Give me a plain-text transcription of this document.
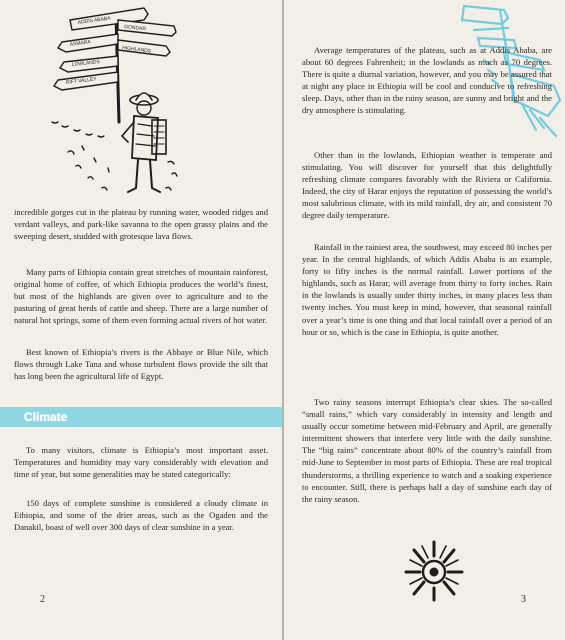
ADDIS ABABA
GONDAR
ASMARA
HIGHLANDS
LOWLANDS
RIFT VALLEY

incredible gorges cut in the plateau by running water, wooded ridges and verdant valleys, and park-like savanna to the open grassy plains and the sweeping desert, studded with grotesque lava flows.

Many parts of Ethiopia contain great stretches of mountain rainforest, original home of coffee, of which Ethiopia produces the world’s finest, but most of the highlands are given over to agriculture and to the pasturing of great herds of cattle and sheep. There are a large number of natural hot springs, some of them even forming actual rivers of hot water.

Best known of Ethiopia’s rivers is the Abbaye or Blue Nile, which flows through Lake Tana and whose turbulent flows provide the silt that has long been the agricultural life of Egypt.

Climate

To many visitors, climate is Ethiopia’s most important asset. Temperatures and humidity may vary considerably with elevation and time of year, but some generalities may be stated categorically:

150 days of complete sunshine is considered a cloudy climate in Ethiopia, and some of the drier areas, such as the Ogaden and the Danakil, boast of well over 300 days of clear sunshine in a year.

2

Average temperatures of the plateau, such as at Addis Ababa, are about 60 degrees Fahrenheit; in the lowlands as much as 70 degrees. There is quite a diurnal variation, however, and you may be assured that at night any place in Ethiopia will be cool and conducive to refreshing sleep. Days, other than in the rainy season, are sunny and bright and the dry atmosphere is stimulating.

Other than in the lowlands, Ethiopian weather is temperate and stimulating. You will discover for yourself that this delightfully refreshing climate compares favorably with the Riviera or California. Indeed, the city of Harar enjoys the reputation of possessing the world’s most salubrious climate, with its mild rainfall, dry air, and consistent 70 degree daily temperature.

Rainfall in the rainiest area, the southwest, may exceed 80 inches per year. In the central highlands, of which Addis Ababa is an example, forty to fifty inches is the normal rainfall. Lower portions of the highlands, such as Harar, will average from thirty to forty inches. Rain in the lowlands is usually under thirty inches, in many places less than twenty inches. You must keep in mind, however, that seasonal rainfall over a year’s time is one thing and that local rainfall over a period of an hour or so, which is the case in Ethiopia, is quite another.

Two rainy seasons interrupt Ethiopia’s clear skies. The so-called “small rains,” which vary considerably in intensity and length and usually occur sometime between mid-February and April, are generally intermittent showers that interfere very little with the daily sunshine. The “big rains” concentrate about 80% of the country’s rainfall from mid-June to September in most parts of Ethiopia. These are real tropical thunderstorms, a thrilling experience to watch and a soaking experience to encounter. Still, there is perhaps half a day of sunshine each day of the rainy season.

3
